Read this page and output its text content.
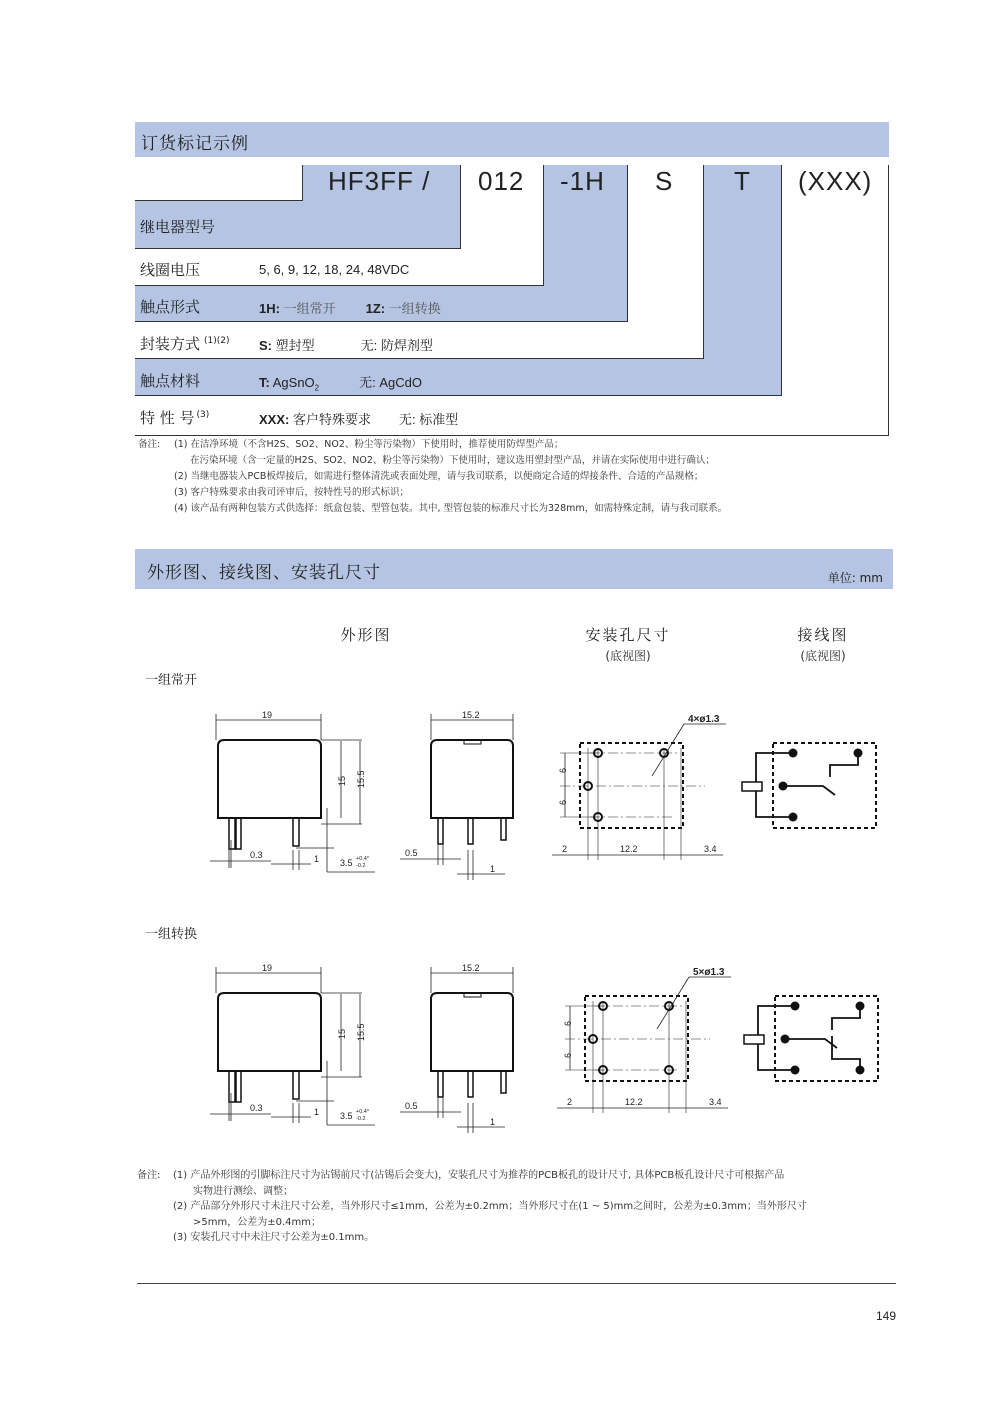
订货标记示例
HF3FF / 012 -1H S T (XXX)
继电器型号
线圈电压	5, 6, 9, 12, 18, 24, 48VDC
触点形式	1H: 一组常开 1Z: 一组转换
封装方式 $^{(1)(2)}$ S: 塑封型	无: 防焊剂型
触点材料	T: AgSnO$_2$	无: AgCdO
特 性 号 $^{(3)}$	XXX: 客户特殊要求 无: 标准型
备注:	(1) 在洁净环境（不含H2S、SO2、NO2、粉尘等污染物）下使用时，推荐使用防焊型产品；
在污染环境（含一定量的H2S、SO2、NO2、粉尘等污染物）下使用时，建议选用塑封型产品，并请在实际使用中进行确认；
(2) 当继电器装入PCB板焊接后，如需进行整体清洗或表面处理，请与我司联系，以便商定合适的焊接条件、合适的产品规格；
(3) 客户特殊要求由我司评审后，按特性号的形式标识；
(4) 该产品有两种包装方式供选择：纸盒包装、型管包装。其中, 型管包装的标准尺寸长为328mm，如需特殊定制，请与我司联系。
外形图、接线图、安装孔尺寸	单位: mm
外形图	安装孔尺寸
(底视图)
接线图
(底视图)
一组常开
一组转换
19
15 15.5
3.5 +0.4*
-0.2
0.3	1
15.2
0.5
1
6
6
2	12.2	3.4
4×ø1.3
19
15 15.5
3.5 +0.4*
-0.2
0.3	1
15.2
0.5
1
6
6
2	12.2	3.4
5×ø1.3
备注:	(1) 产品外形图的引脚标注尺寸为沾锡前尺寸(沾锡后会变大)，安装孔尺寸为推荐的PCB板孔的设计尺寸, 具体PCB板孔设计尺寸可根据产品
实物进行测绘、调整；
(2) 产品部分外形尺寸未注尺寸公差，当外形尺寸≤1mm，公差为±0.2mm；当外形尺寸在(1 ~ 5)mm之间时，公差为±0.3mm；当外形尺寸
>5mm，公差为±0.4mm；
(3) 安装孔尺寸中未注尺寸公差为±0.1mm。
149
